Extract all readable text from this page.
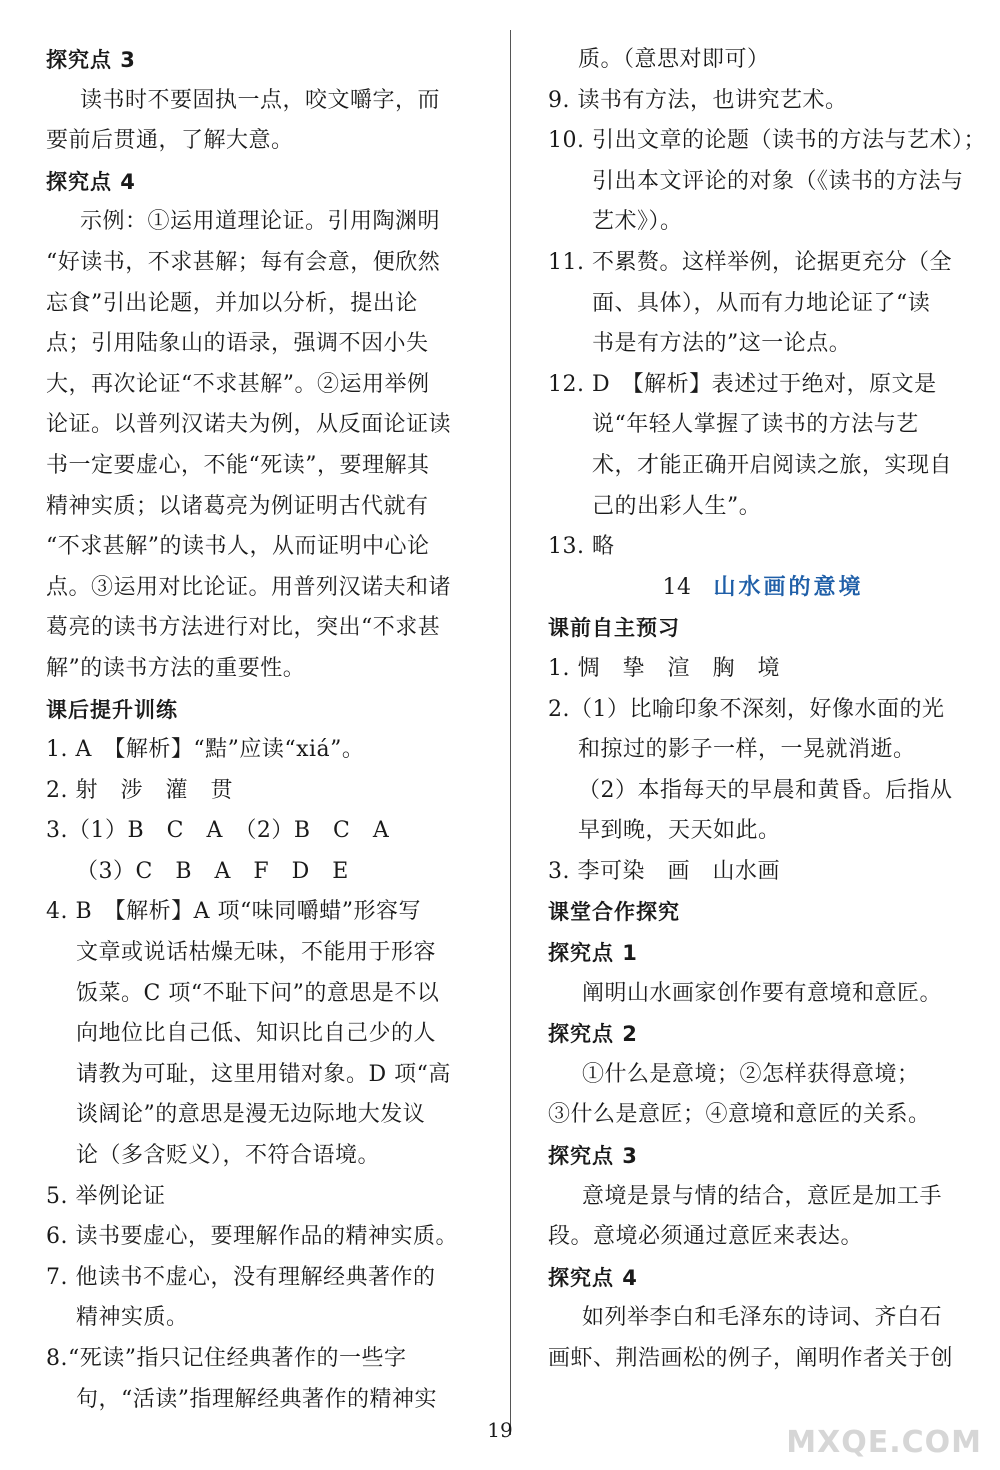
探究点 3
读书时不要固执一点，咬文嚼字，而
要前后贯通，了解大意。
探究点 4
示例：①运用道理论证。引用陶渊明
“好读书，不求甚解；每有会意，便欣然
忘食”引出论题，并加以分析，提出论
点；引用陆象山的语录，强调不因小失
大，再次论证“不求甚解”。②运用举例
论证。以普列汉诺夫为例，从反面论证读
书一定要虚心，不能“死读”，要理解其
精神实质；以诸葛亮为例证明古代就有
“不求甚解”的读书人，从而证明中心论
点。③运用对比论证。用普列汉诺夫和诸
葛亮的读书方法进行对比，突出“不求甚
解”的读书方法的重要性。
课后提升训练
1. A　【解析】“黠”应读“xiá”。
2. 射　涉　灌　贯
3.（1）B　C　A　（2）B　C　A
（3）C　B　A　F　D　E
4. B　【解析】A 项“味同嚼蜡”形容写
文章或说话枯燥无味，不能用于形容
饭菜。C 项“不耻下问”的意思是不以
向地位比自己低、知识比自己少的人
请教为可耻，这里用错对象。D 项“高
谈阔论”的意思是漫无边际地大发议
论（多含贬义），不符合语境。
5. 举例论证
6. 读书要虚心，要理解作品的精神实质。
7. 他读书不虚心，没有理解经典著作的
精神实质。
8.“死读”指只记住经典著作的一些字
句，“活读”指理解经典著作的精神实
质。（意思对即可）
9. 读书有方法，也讲究艺术。
10. 引出文章的论题（读书的方法与艺术）；
引出本文评论的对象（《读书的方法与
艺术》）。
11. 不累赘。这样举例，论据更充分（全
面、具体），从而有力地论证了“读
书是有方法的”这一论点。
12. D　【解析】表述过于绝对，原文是
说“年轻人掌握了读书的方法与艺
术，才能正确开启阅读之旅，实现自
己的出彩人生”。
13. 略
14 山水画的意境
课前自主预习
1. 惆　挚　渲　胸　境
2.（1）比喻印象不深刻，好像水面的光
和掠过的影子一样，一晃就消逝。
（2）本指每天的早晨和黄昏。后指从
早到晚，天天如此。
3. 李可染　画　山水画
课堂合作探究
探究点 1
阐明山水画家创作要有意境和意匠。
探究点 2
①什么是意境；②怎样获得意境；
③什么是意匠；④意境和意匠的关系。
探究点 3
意境是景与情的结合，意匠是加工手
段。意境必须通过意匠来表达。
探究点 4
如列举李白和毛泽东的诗词、齐白石
画虾、荆浩画松的例子，阐明作者关于创
19	MXQE.COM
